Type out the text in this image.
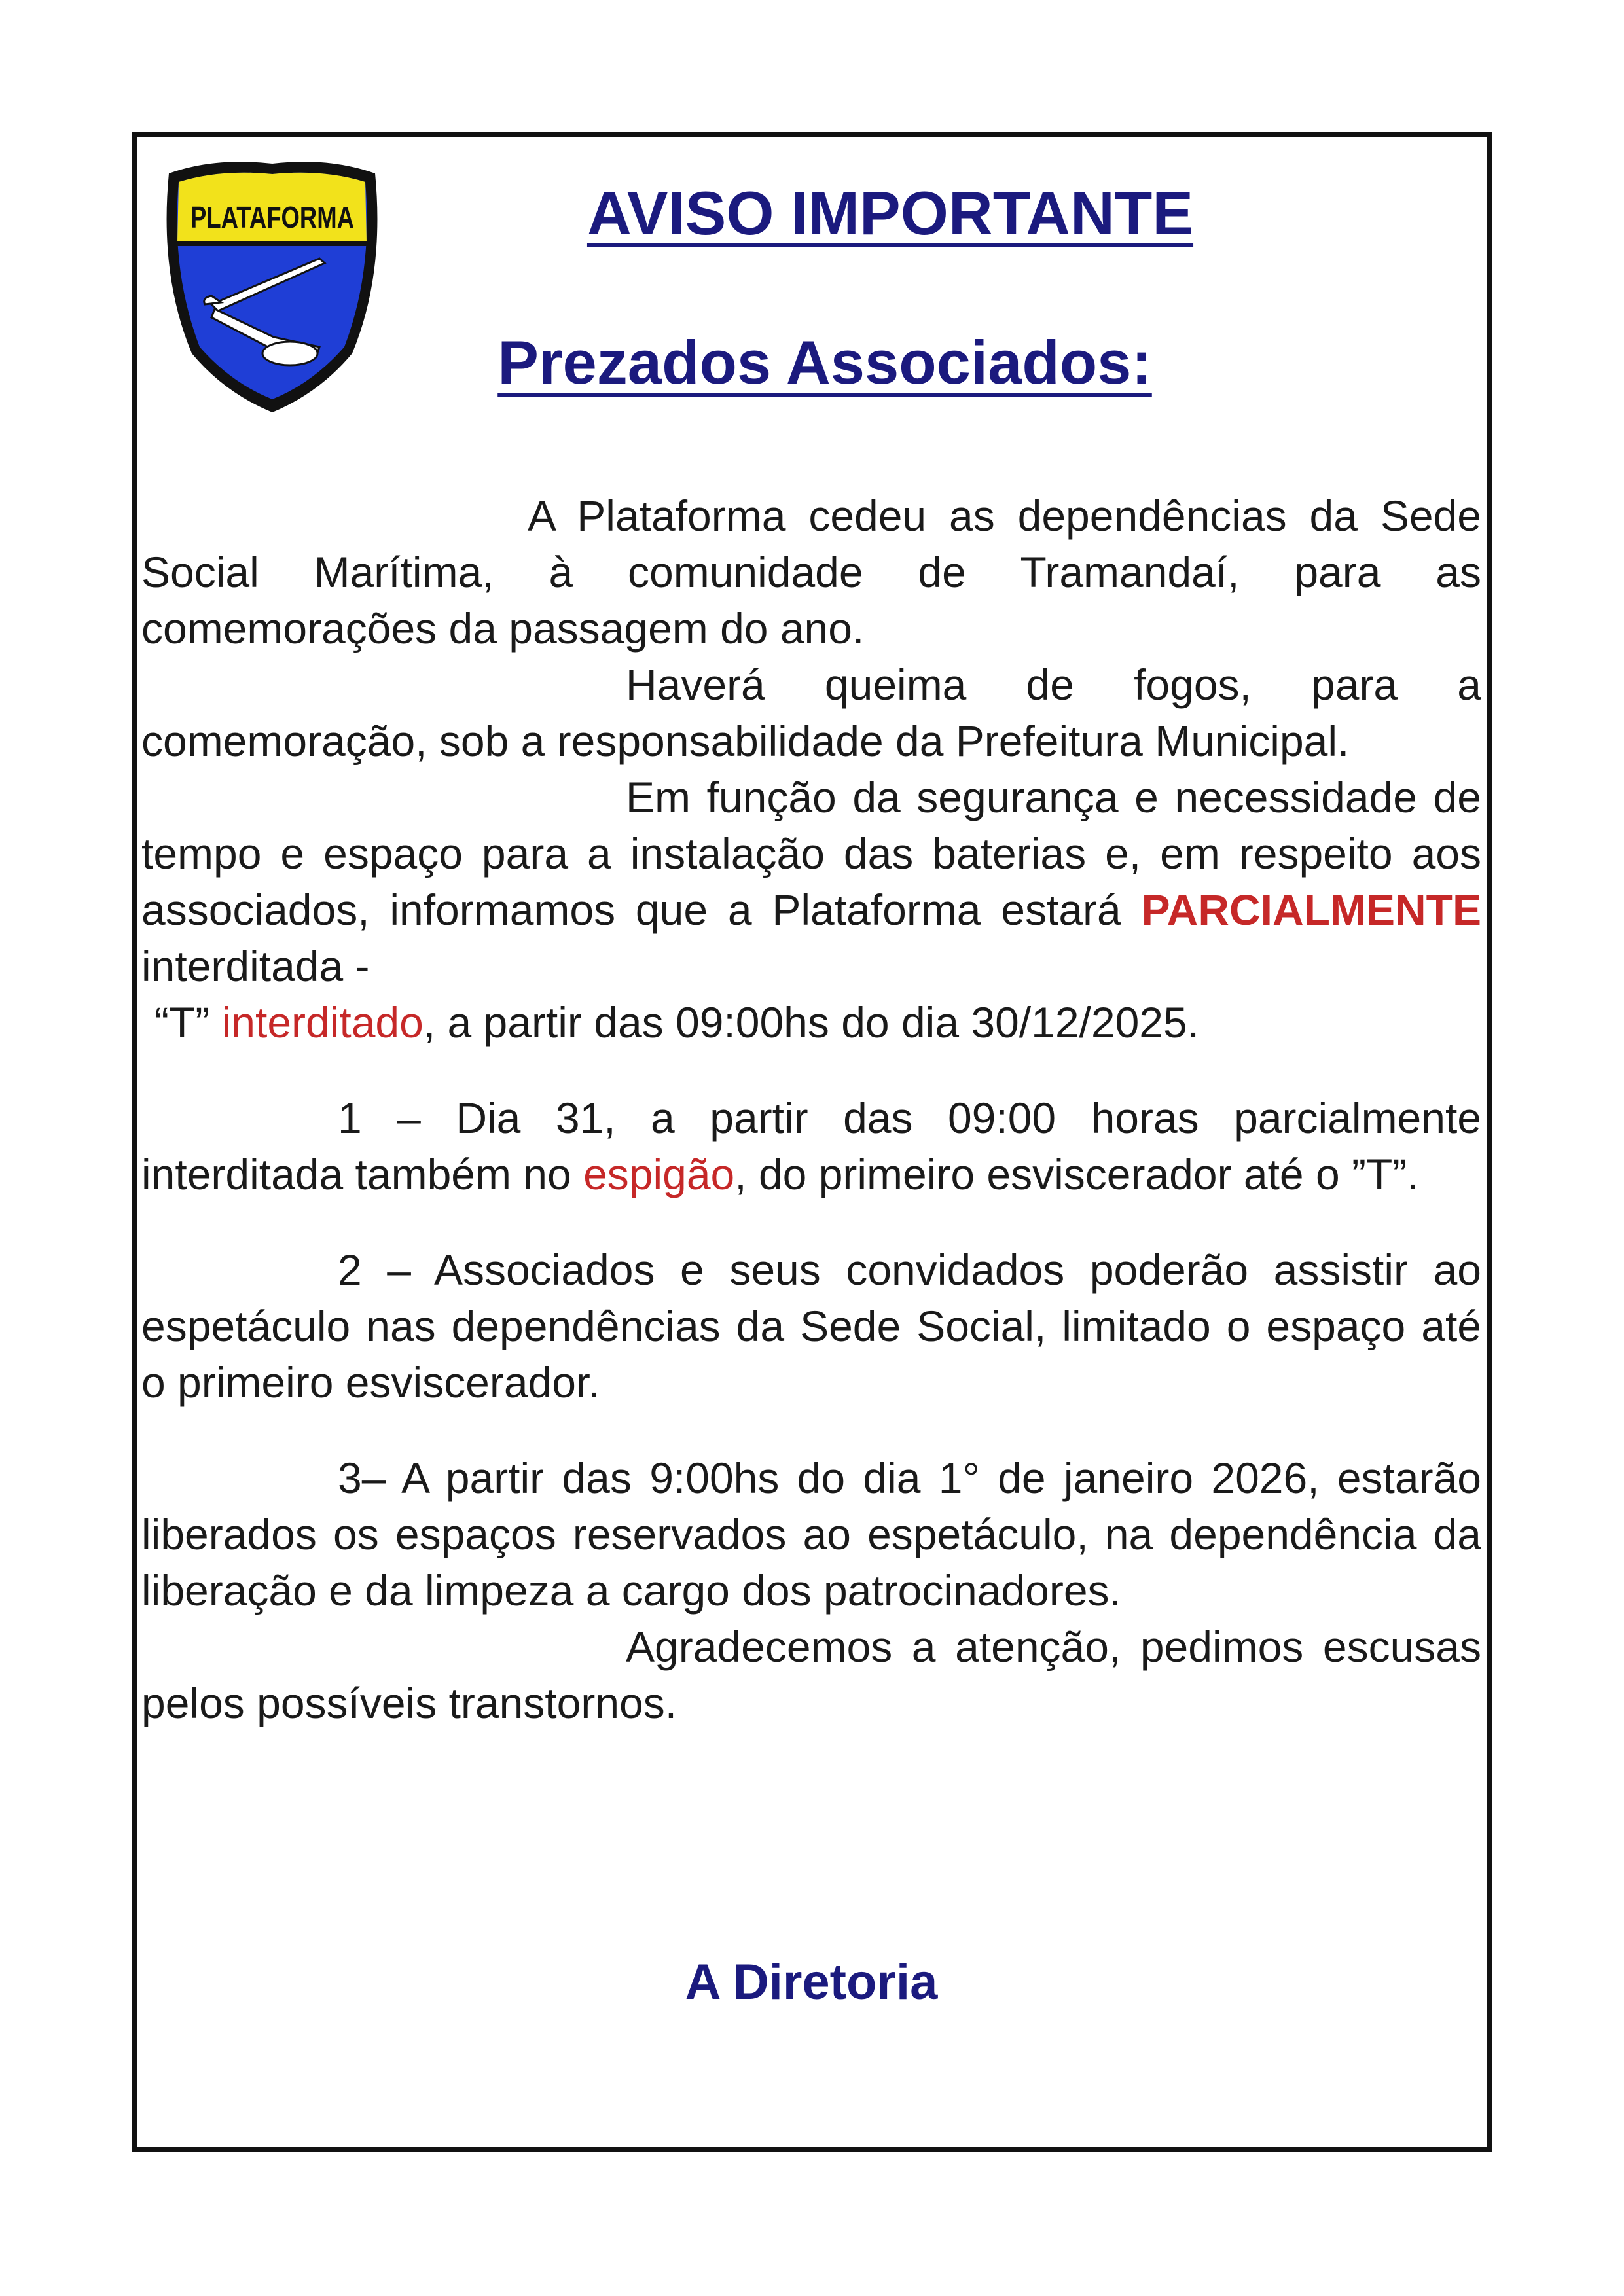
PLATAFORMA	AVISO IMPORTANTE
Prezados Associados:

A Plataforma cedeu as dependências da Sede Social Marítima, à comunidade de Tramandaí, para as comemorações da passagem do ano.

Haverá queima de fogos, para a comemoração, sob a responsabilidade da Prefeitura Municipal.

Em função da segurança e necessidade de tempo e espaço para a instalação das baterias e, em respeito aos associados, informamos que a Plataforma estará PARCIALMENTE interditada -

“T” interditado, a partir das 09:00hs do dia 30/12/2025.

1 – Dia 31, a partir das 09:00 horas parcialmente interditada também no espigão, do primeiro esviscerador até o ”T”.

2 – Associados e seus convidados poderão assistir ao espetáculo nas dependências da Sede Social, limitado o espaço até o primeiro esviscerador.

3– A partir das 9:00hs do dia 1° de janeiro 2026, estarão liberados os espaços reservados ao espetáculo, na dependência da liberação e da limpeza a cargo dos patrocinadores.

Agradecemos a atenção, pedimos escusas pelos possíveis transtornos.

A Diretoria
